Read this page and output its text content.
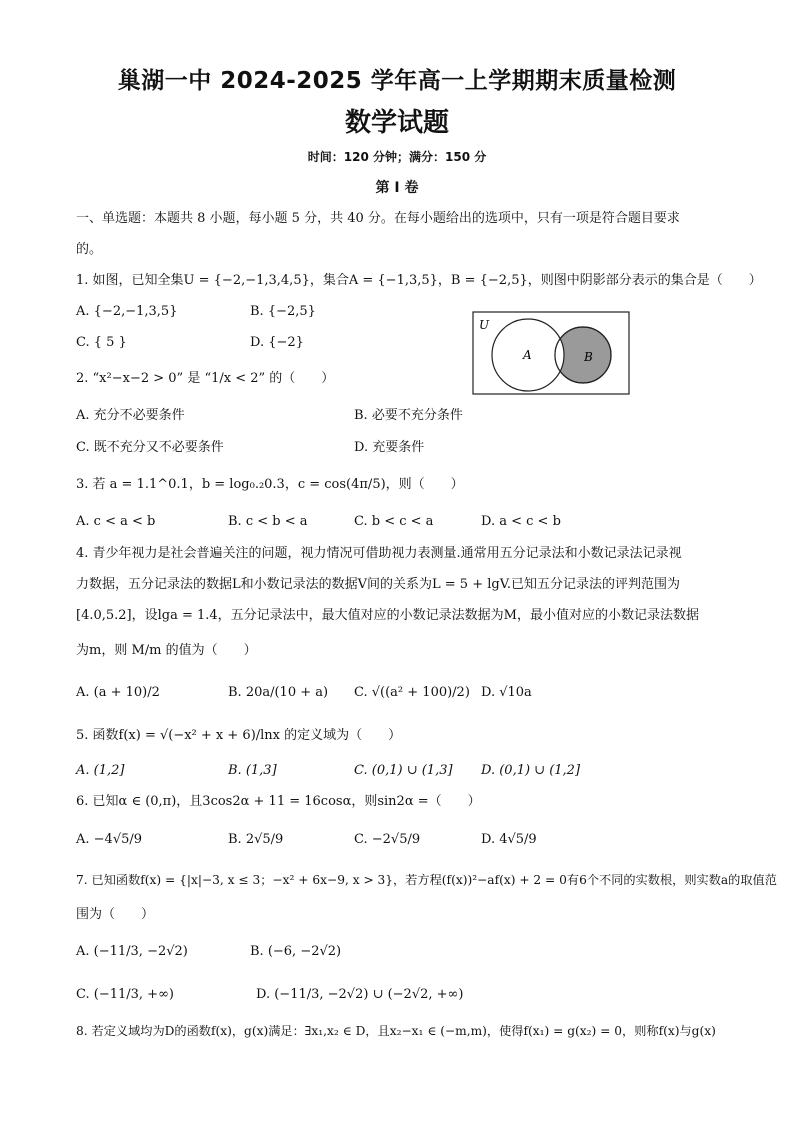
巢湖一中 2024-2025 学年高一上学期期末质量检测
数学试题
时间：120 分钟；满分：150 分
第 I 卷
一、单选题：本题共 8 小题，每小题 5 分，共 40 分。在每小题给出的选项中，只有一项是符合题目要求
的。
1. 如图，已知全集U = {−2,−1,3,4,5}，集合A = {−1,3,5}，B = {−2,5}，则图中阴影部分表示的集合是（　　）
A. {−2,−1,3,5}	B. {−2,5}
C. { 5 }	D. {−2}
U
A	B
2. “x²−x−2 > 0” 是 “1/x < 2” 的（　　）
A. 充分不必要条件	B. 必要不充分条件
C. 既不充分又不必要条件	D. 充要条件
3. 若 a = 1.1^0.1，b = log₀.₂0.3，c = cos(4π/5)，则（　　）
A. c < a < b	B. c < b < a	C. b < c < a	D. a < c < b
4. 青少年视力是社会普遍关注的问题，视力情况可借助视力表测量.通常用五分记录法和小数记录法记录视
力数据，五分记录法的数据L和小数记录法的数据V间的关系为L = 5 + lgV.已知五分记录法的评判范围为
[4.0,5.2]，设lga = 1.4，五分记录法中，最大值对应的小数记录法数据为M，最小值对应的小数记录法数据
为m，则 M/m 的值为（　　）
A. (a + 10)/2	B. 20a/(10 + a) C. √((a² + 100)/2) D. √10a
5. 函数f(x) = √(−x² + x + 6)/lnx 的定义域为（　　）
A. (1,2]	B. (1,3]	C. (0,1) ∪ (1,3] D. (0,1) ∪ (1,2]
6. 已知α ∈ (0,π)，且3cos2α + 11 = 16cosα，则sin2α =（　　）
A. −4√5/9	B. 2√5/9	C. −2√5/9	D. 4√5/9
7. 已知函数f(x) = {|x|−3, x ≤ 3；−x² + 6x−9, x > 3}，若方程(f(x))²−af(x) + 2 = 0有6个不同的实数根，则实数a的取值范
围为（　　）
A. (−11/3, −2√2)	B. (−6, −2√2)
C. (−11/3, +∞)	D. (−11/3, −2√2) ∪ (−2√2, +∞)
8. 若定义域均为D的函数f(x)，g(x)满足：∃x₁,x₂ ∈ D，且x₂−x₁ ∈ (−m,m)，使得f(x₁) = g(x₂) = 0，则称f(x)与g(x)
